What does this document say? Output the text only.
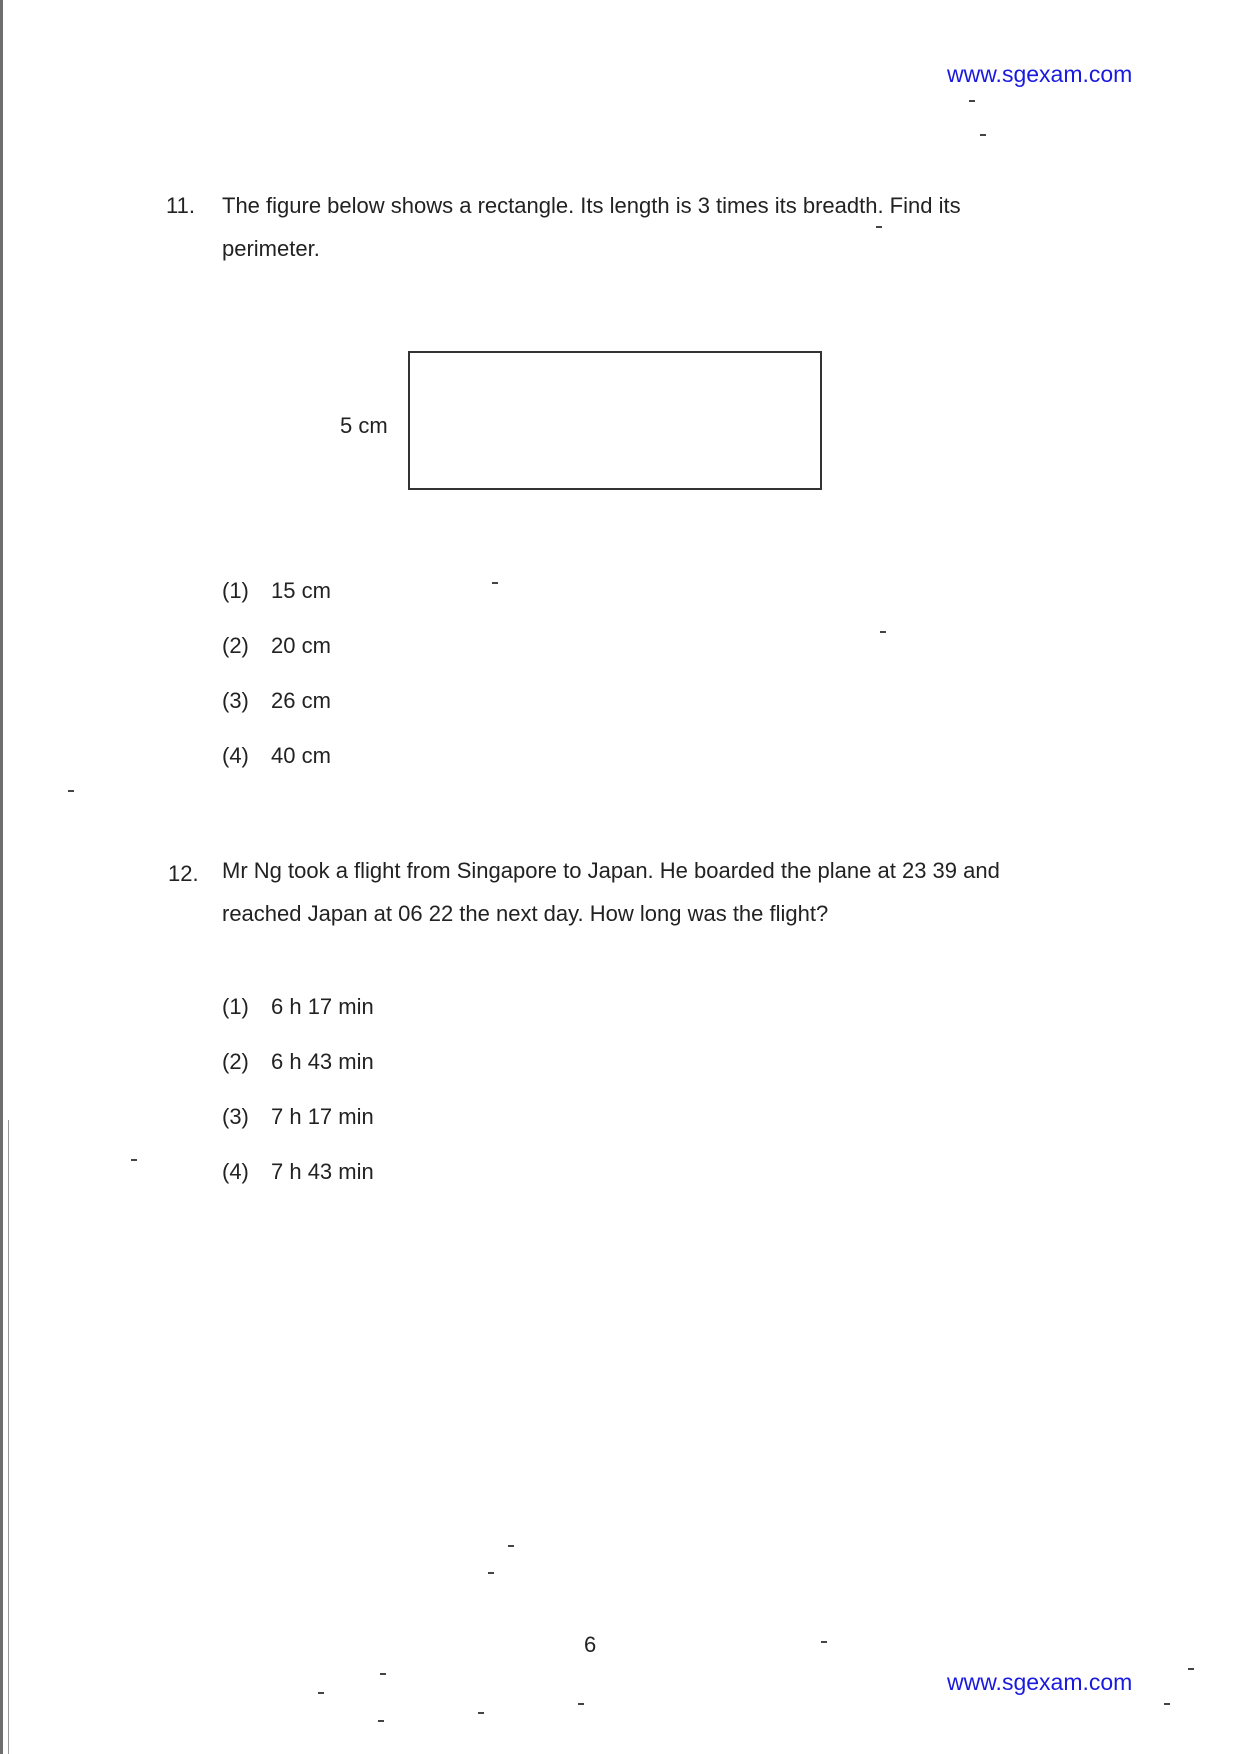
www.sgexam.com
11. The figure below shows a rectangle. Its length is 3 times its breadth. Find its perimeter.
5 cm
(1)	15 cm
(2)	20 cm
(3)	26 cm
(4)	40 cm
12. Mr Ng took a flight from Singapore to Japan. He boarded the plane at 23 39 and reached Japan at 06 22 the next day. How long was the flight?
(1)	6 h 17 min
(2)	6 h 43 min
(3)	7 h 17 min
(4)	7 h 43 min
6
www.sgexam.com
